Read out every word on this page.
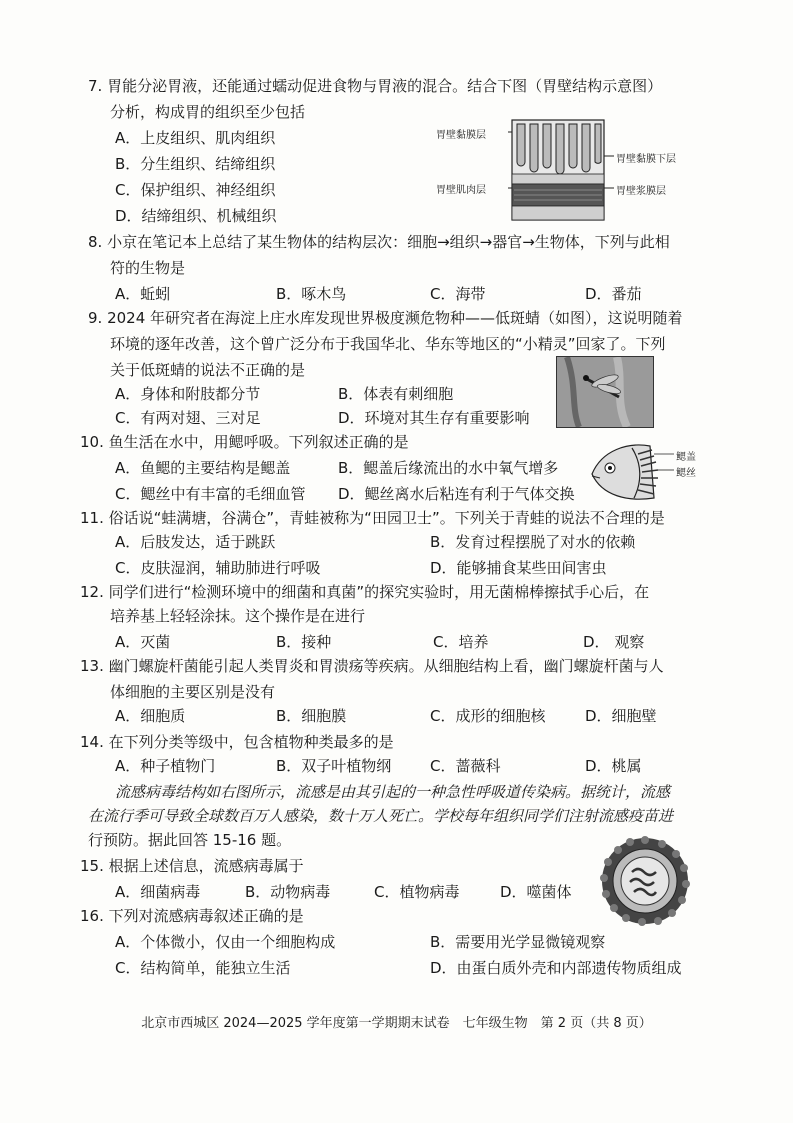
7. 胃能分泌胃液，还能通过蠕动促进食物与胃液的混合。结合下图（胃壁结构示意图）
分析，构成胃的组织至少包括
A．上皮组织、肌肉组织
B．分生组织、结缔组织
C．保护组织、神经组织
D．结缔组织、机械组织
胃壁黏膜层
胃壁肌肉层
胃壁黏膜下层
胃壁浆膜层
8. 小京在笔记本上总结了某生物体的结构层次：细胞→组织→器官→生物体，下列与此相
符的生物是
A．蚯蚓	B．啄木鸟	C．海带	D．番茄
9. 2024 年研究者在海淀上庄水库发现世界极度濒危物种——低斑蜻（如图），这说明随着
环境的逐年改善，这个曾广泛分布于我国华北、华东等地区的“小精灵”回家了。下列
关于低斑蜻的说法不正确的是
A．身体和附肢都分节	B．体表有刺细胞
C．有两对翅、三对足	D．环境对其生存有重要影响
10. 鱼生活在水中，用鳃呼吸。下列叙述正确的是
A．鱼鳃的主要结构是鳃盖	B．鳃盖后缘流出的水中氧气增多
C．鳃丝中有丰富的毛细血管 D．鳃丝离水后粘连有利于气体交换
鳃盖
鳃丝
11. 俗话说“蛙满塘，谷满仓”，青蛙被称为“田园卫士”。下列关于青蛙的说法不合理的是
A．后肢发达，适于跳跃	B．发育过程摆脱了对水的依赖
C．皮肤湿润，辅助肺进行呼吸	D．能够捕食某些田间害虫
12. 同学们进行“检测环境中的细菌和真菌”的探究实验时，用无菌棉棒擦拭手心后，在
培养基上轻轻涂抹。这个操作是在进行
A．灭菌	B．接种	C．培养	D． 观察
13. 幽门螺旋杆菌能引起人类胃炎和胃溃疡等疾病。从细胞结构上看，幽门螺旋杆菌与人
体细胞的主要区别是没有
A．细胞质	B．细胞膜	C．成形的细胞核	D．细胞壁
14. 在下列分类等级中，包含植物种类最多的是
A．种子植物门	B．双子叶植物纲	C．蔷薇科	D．桃属
流感病毒结构如右图所示，流感是由其引起的一种急性呼吸道传染病。据统计，流感
在流行季可导致全球数百万人感染，数十万人死亡。学校每年组织同学们注射流感疫苗进
行预防。据此回答 15-16 题。
15. 根据上述信息，流感病毒属于
A．细菌病毒	B．动物病毒	C．植物病毒	D．噬菌体
16. 下列对流感病毒叙述正确的是
A．个体微小，仅由一个细胞构成	B．需要用光学显微镜观察
C．结构简单，能独立生活	D．由蛋白质外壳和内部遗传物质组成
北京市西城区 2024—2025 学年度第一学期期末试卷　七年级生物　第 2 页（共 8 页）
